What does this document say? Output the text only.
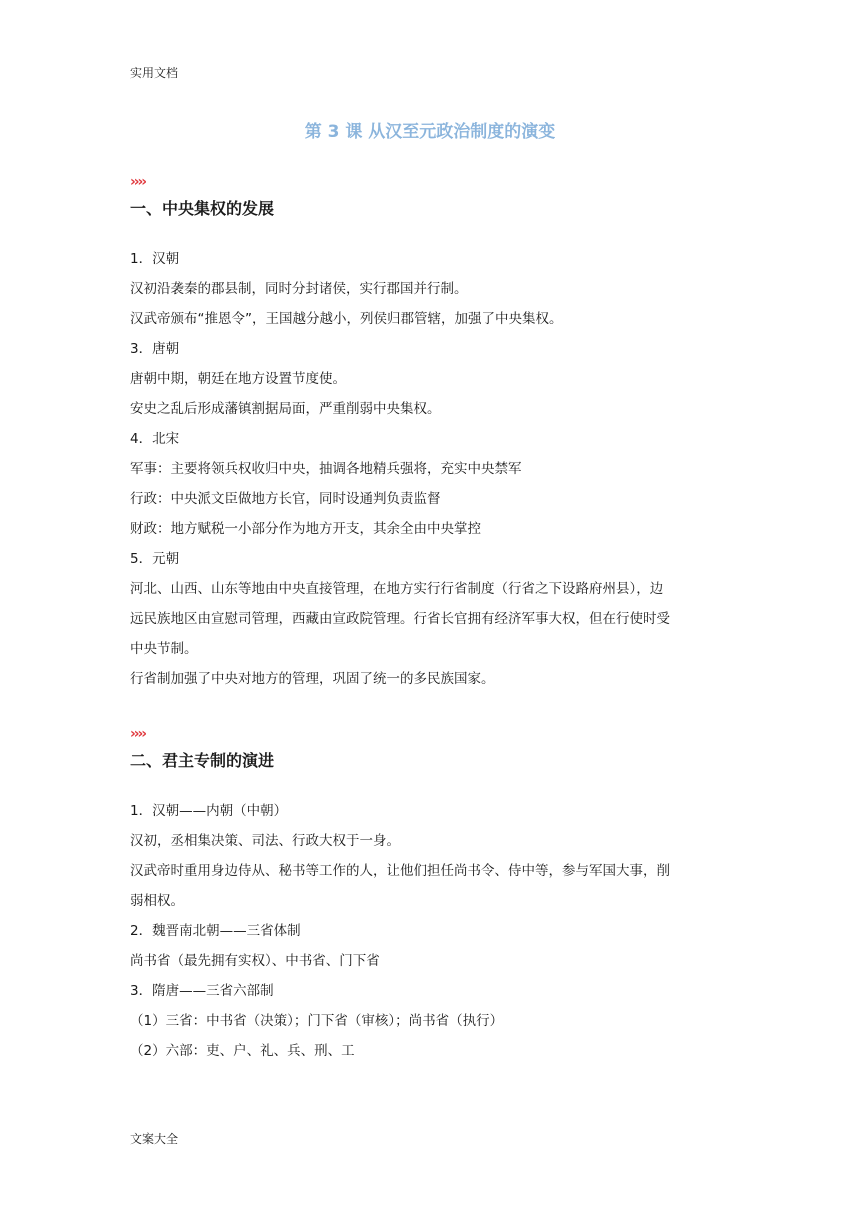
实用文档
第 3 课 从汉至元政治制度的演变
››››
一、中央集权的发展
1．汉朝
汉初沿袭秦的郡县制，同时分封诸侯，实行郡国并行制。
汉武帝颁布“推恩令”，王国越分越小，列侯归郡管辖，加强了中央集权。
3．唐朝
唐朝中期，朝廷在地方设置节度使。
安史之乱后形成藩镇割据局面，严重削弱中央集权。
4．北宋
军事：主要将领兵权收归中央，抽调各地精兵强将，充实中央禁军
行政：中央派文臣做地方长官，同时设通判负责监督
财政：地方赋税一小部分作为地方开支，其余全由中央掌控
5．元朝
河北、山西、山东等地由中央直接管理，在地方实行行省制度（行省之下设路府州县），边
远民族地区由宣慰司管理，西藏由宣政院管理。行省长官拥有经济军事大权，但在行使时受
中央节制。
行省制加强了中央对地方的管理，巩固了统一的多民族国家。
››››
二、君主专制的演进
1．汉朝——内朝（中朝）
汉初，丞相集决策、司法、行政大权于一身。
汉武帝时重用身边侍从、秘书等工作的人，让他们担任尚书令、侍中等，参与军国大事，削
弱相权。
2．魏晋南北朝——三省体制
尚书省（最先拥有实权）、中书省、门下省
3．隋唐——三省六部制
（1）三省：中书省（决策）；门下省（审核）；尚书省（执行）
（2）六部：吏、户、礼、兵、刑、工
文案大全
